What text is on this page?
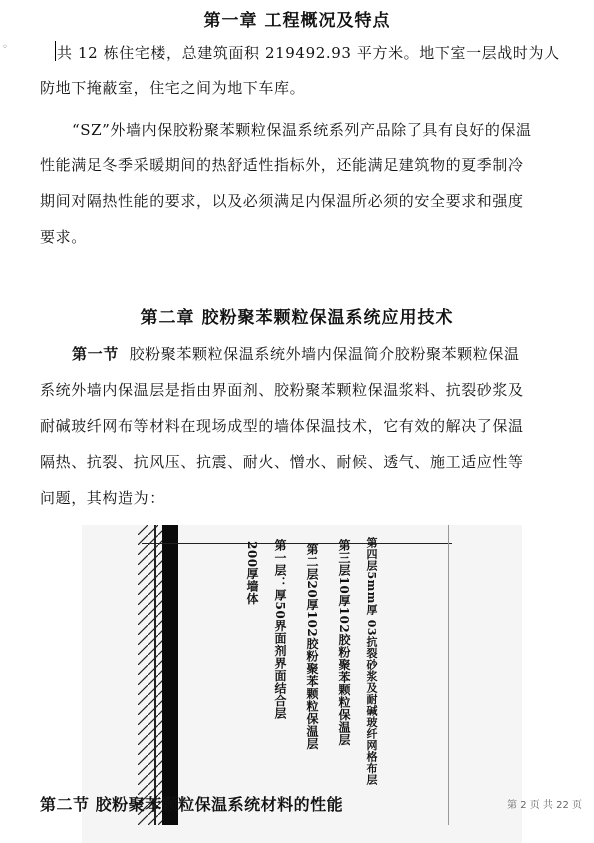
◦
第一章 工程概况及特点
共 12 栋住宅楼，总建筑面积 219492.93 平方米。地下室一层战时为人
防地下掩蔽室，住宅之间为地下车库。
“SZ”外墙内保胶粉聚苯颗粒保温系统系列产品除了具有良好的保温
性能满足冬季采暖期间的热舒适性指标外，还能满足建筑物的夏季制冷
期间对隔热性能的要求，以及必须满足内保温所必须的安全要求和强度
要求。
第二章 胶粉聚苯颗粒保温系统应用技术
第一节 胶粉聚苯颗粒保温系统外墙内保温简介胶粉聚苯颗粒保温
系统外墙内保温层是指由界面剂、胶粉聚苯颗粒保温浆料、抗裂砂浆及
耐碱玻纤网布等材料在现场成型的墙体保温技术，它有效的解决了保温
隔热、抗裂、抗风压、抗震、耐火、憎水、耐候、透气、施工适应性等
问题，其构造为：
200厚墙体 第一层：厚50界面剂界面结合层 第二层20厚102胶粉聚苯颗粒保温层 第三层10厚102胶粉聚苯颗粒保温层 第四层5mm厚 03抗裂砂浆及耐碱玻纤网格布层
第二节 胶粉聚苯颗粒保温系统材料的性能	第 2 页 共 22 页
